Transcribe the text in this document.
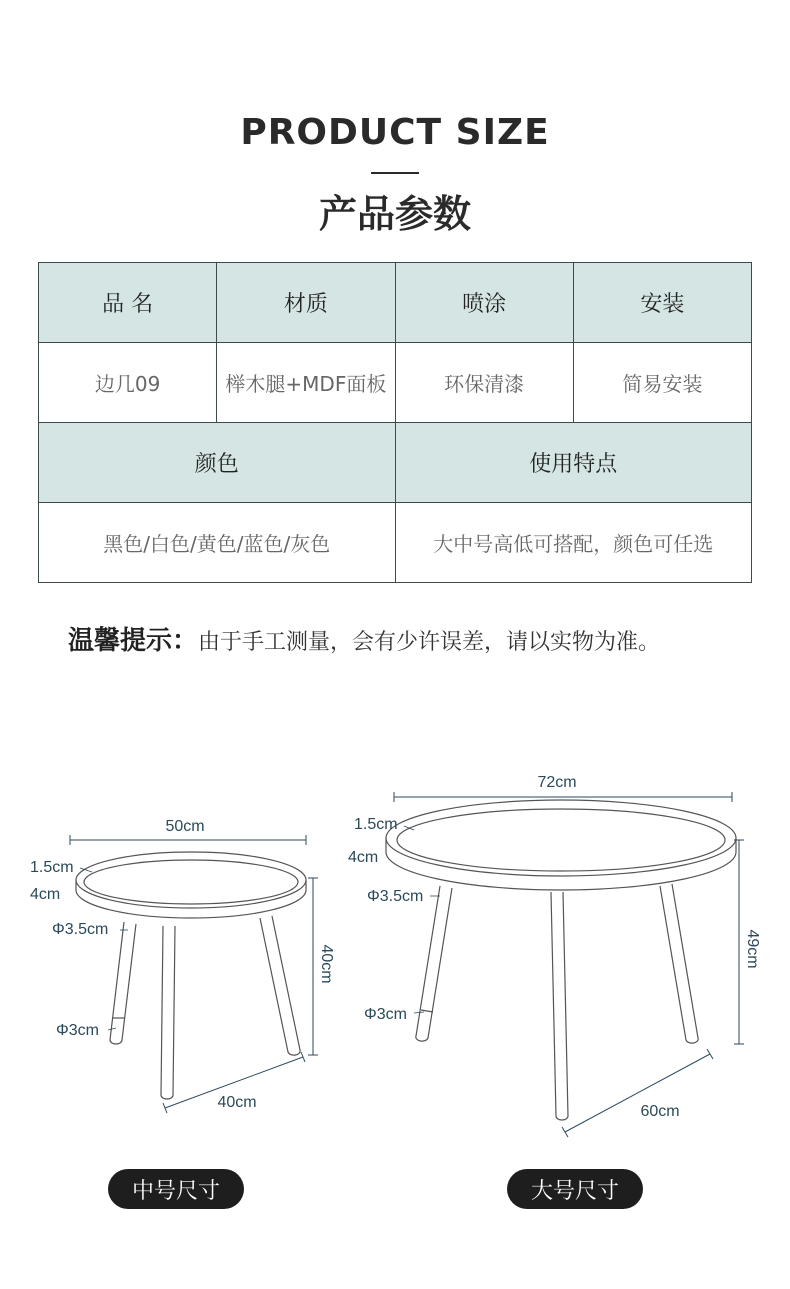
PRODUCT SIZE
产品参数
品 名	材质	喷涂	安装
边几09	榉木腿+MDF面板	环保清漆	简易安装
颜色		使用特点	
黑色/白色/黄色/蓝色/灰色		大中号高低可搭配，颜色可任选	
温馨提示：由于手工测量，会有少许误差，请以实物为准。
50cm
1.5cm
4cm
Φ3.5cm
Φ3cm
40cm
40cm
72cm
1.5cm
4cm
Φ3.5cm
Φ3cm
49cm
60cm
中号尺寸	大号尺寸
